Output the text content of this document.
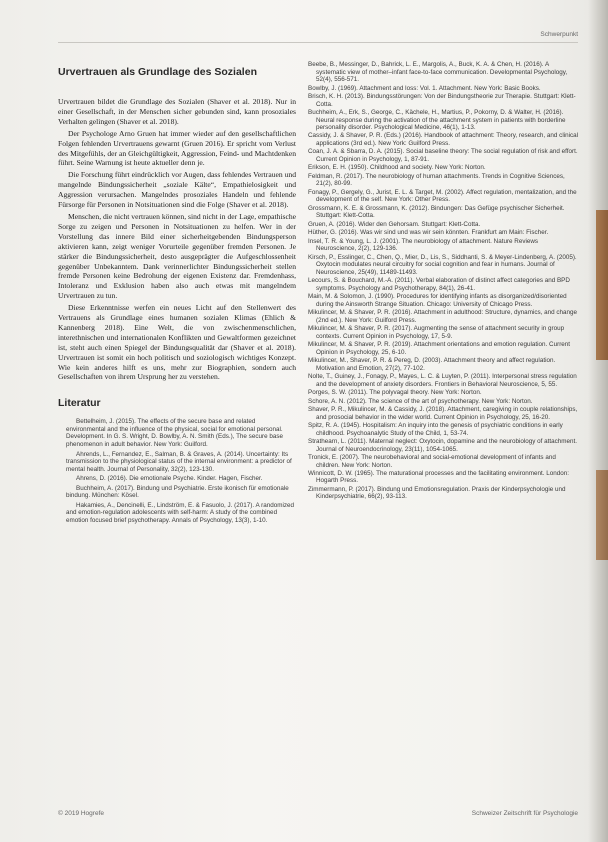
Schwerpunkt
Urvertrauen als Grundlage des Sozialen

Urvertrauen bildet die Grundlage des Sozialen (Shaver et al. 2018). Nur in einer Gesellschaft, in der Menschen sicher gebunden sind, kann prosoziales Verhalten gelingen (Shaver et al. 2018).

Der Psychologe Arno Gruen hat immer wieder auf den gesellschaftlichen Folgen fehlenden Urvertrauens gewarnt (Gruen 2016). Er spricht vom Verlust des Mitgefühls, der an Gleichgültigkeit, Aggression, Feind- und Machtdenken führt. Seine Warnung ist heute aktueller denn je.

Die Forschung führt eindrücklich vor Augen, dass fehlendes Vertrauen und mangelnde Bindungssicherheit „soziale Kälte“, Empathielosigkeit und Aggression verursachen. Mangelndes prosoziales Handeln und fehlende Fürsorge für Personen in Notsituationen sind die Folge (Shaver et al. 2018).

Menschen, die nicht vertrauen können, sind nicht in der Lage, empathische Sorge zu zeigen und Personen in Notsituationen zu helfen. Wer in der Vorstellung das innere Bild einer sicherheitgebenden Bindungsperson aktivieren kann, zeigt weniger Vorurteile gegenüber fremden Personen. Je stärker die Bindungssicherheit, desto ausgeprägter die Aufgeschlossenheit gegenüber Unbekanntem. Dank verinnerlichter Bindungssicherheit stellen fremde Personen keine Bedrohung der eigenen Existenz dar. Fremdenhass, Intoleranz und Exklusion haben also auch etwas mit mangelndem Urvertrauen zu tun.

Diese Erkenntnisse werfen ein neues Licht auf den Stellenwert des Vertrauens als Grundlage eines humanen sozialen Klimas (Ehlich & Kannenberg 2018). Eine Welt, die von zwischenmenschlichen, interethnischen und internationalen Konflikten und Gewaltformen gezeichnet ist, steht auch einen Spiegel der Bindungsqualität dar (Shaver et al. 2018). Urvertrauen ist somit ein hoch politisch und soziologisch wichtiges Konzept. Wie kein anderes hilft es uns, mehr zur Biographien, sondern auch Gesellschaften von ihrem Ursprung her zu verstehen.

Literatur

Bettelheim, J. (2015). The effects of the secure base and related environmental and the influence of the physical, social for emotional personal. Development. In G. S. Wright, D. Bowlby, A. N. Smith (Eds.), The secure base phenomenon in adult behavior. New York: Guilford.

Ahrends, L., Fernandez, E., Salman, B. & Graves, A. (2014). Uncertainty: Its transmission to the physiological status of the internal environment: a predictor of mental health. Journal of Personality, 32(2), 123-130.

Ahrens, D. (2016). Die emotionale Psyche. Kinder. Hagen, Fischer.

Buchheim, A. (2017). Bindung und Psychiatrie. Erste ikonisch für emotionale bindung. München: Kösel.

Hakamies, A., Dencinelli, E., Lindström, E. & Fasuolo, J. (2017). A randomized and emotion-regulation adolescents with self-harm: A study of the combined emotion focused brief psychotherapy. Annals of Psychology, 13(3), 1-10.

Beebe, B., Messinger, D., Bahrick, L. E., Margolis, A., Buck, K. A. & Chen, H. (2016). A systematic view of mother–infant face-to-face communication. Developmental Psychology, 52(4), 556-571.

Bowlby, J. (1969). Attachment and loss: Vol. 1. Attachment. New York: Basic Books.

Brisch, K. H. (2013). Bindungsstörungen: Von der Bindungstheorie zur Therapie. Stuttgart: Klett-Cotta.

Buchheim, A., Erk, S., George, C., Kächele, H., Martius, P., Pokorny, D. & Walter, H. (2016). Neural response during the activation of the attachment system in patients with borderline personality disorder. Psychological Medicine, 46(1), 1-13.

Cassidy, J. & Shaver, P. R. (Eds.) (2016). Handbook of attachment: Theory, research, and clinical applications (3rd ed.). New York: Guilford Press.

Coan, J. A. & Sbarra, D. A. (2015). Social baseline theory: The social regulation of risk and effort. Current Opinion in Psychology, 1, 87-91.

Erikson, E. H. (1950). Childhood and society. New York: Norton.

Feldman, R. (2017). The neurobiology of human attachments. Trends in Cognitive Sciences, 21(2), 80-99.

Fonagy, P., Gergely, G., Jurist, E. L. & Target, M. (2002). Affect regulation, mentalization, and the development of the self. New York: Other Press.

Grossmann, K. E. & Grossmann, K. (2012). Bindungen: Das Gefüge psychischer Sicherheit. Stuttgart: Klett-Cotta.

Gruen, A. (2016). Wider den Gehorsam. Stuttgart: Klett-Cotta.

Hüther, G. (2016). Was wir sind und was wir sein könnten. Frankfurt am Main: Fischer.

Insel, T. R. & Young, L. J. (2001). The neurobiology of attachment. Nature Reviews Neuroscience, 2(2), 129-136.

Kirsch, P., Esslinger, C., Chen, Q., Mier, D., Lis, S., Siddhanti, S. & Meyer-Lindenberg, A. (2005). Oxytocin modulates neural circuitry for social cognition and fear in humans. Journal of Neuroscience, 25(49), 11489-11493.

Lecours, S. & Bouchard, M.-A. (2011). Verbal elaboration of distinct affect categories and BPD symptoms. Psychology and Psychotherapy, 84(1), 26-41.

Main, M. & Solomon, J. (1990). Procedures for identifying infants as disorganized/disoriented during the Ainsworth Strange Situation. Chicago: University of Chicago Press.

Mikulincer, M. & Shaver, P. R. (2016). Attachment in adulthood: Structure, dynamics, and change (2nd ed.). New York: Guilford Press.

Mikulincer, M. & Shaver, P. R. (2017). Augmenting the sense of attachment security in group contexts. Current Opinion in Psychology, 17, 5-9.

Mikulincer, M. & Shaver, P. R. (2019). Attachment orientations and emotion regulation. Current Opinion in Psychology, 25, 6-10.

Mikulincer, M., Shaver, P. R. & Pereg, D. (2003). Attachment theory and affect regulation. Motivation and Emotion, 27(2), 77-102.

Nolte, T., Guiney, J., Fonagy, P., Mayes, L. C. & Luyten, P. (2011). Interpersonal stress regulation and the development of anxiety disorders. Frontiers in Behavioral Neuroscience, 5, 55.

Porges, S. W. (2011). The polyvagal theory. New York: Norton.

Schore, A. N. (2012). The science of the art of psychotherapy. New York: Norton.

Shaver, P. R., Mikulincer, M. & Cassidy, J. (2018). Attachment, caregiving in couple relationships, and prosocial behavior in the wider world. Current Opinion in Psychology, 25, 16-20.

Spitz, R. A. (1945). Hospitalism: An inquiry into the genesis of psychiatric conditions in early childhood. Psychoanalytic Study of the Child, 1, 53-74.

Strathearn, L. (2011). Maternal neglect: Oxytocin, dopamine and the neurobiology of attachment. Journal of Neuroendocrinology, 23(11), 1054-1065.

Tronick, E. (2007). The neurobehavioral and social-emotional development of infants and children. New York: Norton.

Winnicott, D. W. (1965). The maturational processes and the facilitating environment. London: Hogarth Press.

Zimmermann, P. (2017). Bindung und Emotionsregulation. Praxis der Kinderpsychologie und Kinderpsychiatrie, 66(2), 93-113.

© 2019 Hogrefe	Schweizer Zeitschrift für Psychologie
